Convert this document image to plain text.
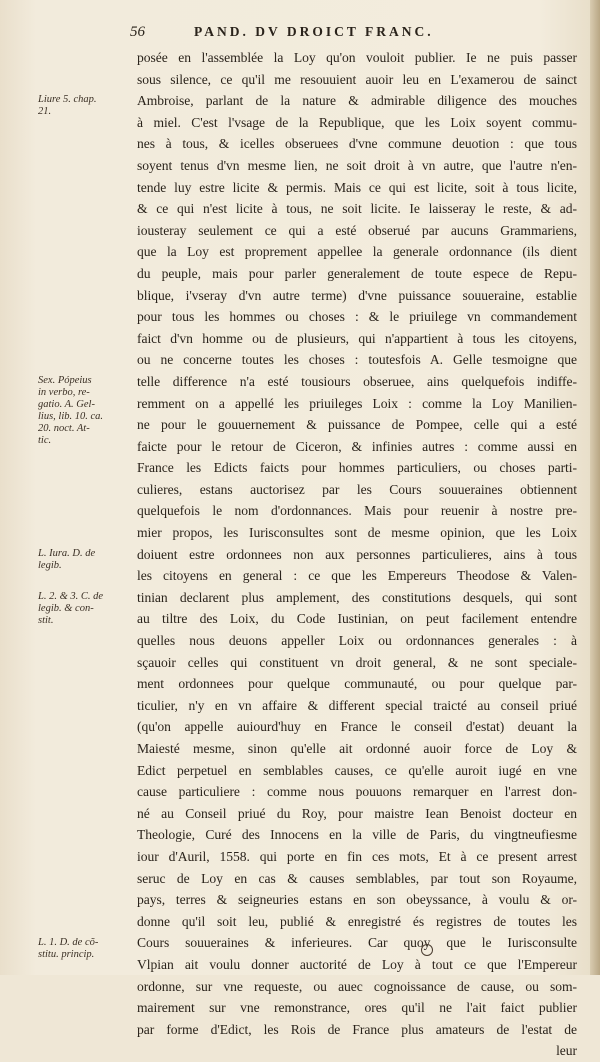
56	PAND. DV DROICT FRANC.
Liure 5. chap.
21.
Sex. Pópeius
in verbo, re-
gatio. A. Gel-
lius, lib. 10. ca.
20. noct. At-
tic.
L. Iura. D. de
legib.
L. 2. & 3. C. de
legib. & con-
stit.
L. 1. D. de cõ-
stitu. princip.
posée en l'assemblée la Loy qu'on vouloit publier. Ie ne puis passer
sous silence, ce qu'il me resouuient auoir leu en L'examerou de sainct
Ambroise, parlant de la nature & admirable diligence des mouches
à miel. C'est l'vsage de la Republique, que les Loix soyent commu-
nes à tous, & icelles obseruees d'vne commune deuotion : que tous
soyent tenus d'vn mesme lien, ne soit droit à vn autre, que l'autre n'en-
tende luy estre licite & permis. Mais ce qui est licite, soit à tous licite,
& ce qui n'est licite à tous, ne soit licite. Ie laisseray le reste, & ad-
iousteray seulement ce qui a esté obserué par aucuns Grammariens,
que la Loy est proprement appellee la generale ordonnance (ils dient
du peuple, mais pour parler generalement de toute espece de Repu-
blique, i'vseray d'vn autre terme) d'vne puissance souueraine, establie
pour tous les hommes ou choses : & le priuilege vn commandement
faict d'vn homme ou de plusieurs, qui n'appartient à tous les citoyens,
ou ne concerne toutes les choses : toutesfois A. Gelle tesmoigne que
telle difference n'a esté tousiours obseruee, ains quelquefois indiffe-
remment on a appellé les priuileges Loix : comme la Loy Manilien-
ne pour le gouuernement & puissance de Pompee, celle qui a esté
faicte pour le retour de Ciceron, & infinies autres : comme aussi en
France les Edicts faicts pour hommes particuliers, ou choses parti-
culieres, estans auctorisez par les Cours souueraines obtiennent
quelquefois le nom d'ordonnances. Mais pour reuenir à nostre pre-
mier propos, les Iurisconsultes sont de mesme opinion, que les Loix
doiuent estre ordonnees non aux personnes particulieres, ains à tous
les citoyens en general : ce que les Empereurs Theodose & Valen-
tinian declarent plus amplement, des constitutions desquels, qui sont
au tiltre des Loix, du Code Iustinian, on peut facilement entendre
quelles nous deuons appeller Loix ou ordonnances generales : à
sçauoir celles qui constituent vn droit general, & ne sont speciale-
ment ordonnees pour quelque communauté, ou pour quelque par-
ticulier, n'y en vn affaire & different special traicté au conseil priué
(qu'on appelle auiourd'huy en France le conseil d'estat) deuant la
Maiesté mesme, sinon qu'elle ait ordonné auoir force de Loy &
Edict perpetuel en semblables causes, ce qu'elle auroit iugé en vne
cause particuliere : comme nous pouuons remarquer en l'arrest don-
né au Conseil priué du Roy, pour maistre Iean Benoist docteur en
Theologie, Curé des Innocens en la ville de Paris, du vingtneufiesme
iour d'Auril, 1558. qui porte en fin ces mots, Et à ce present arrest
seruc de Loy en cas & causes semblables, par tout son Royaume,
pays, terres & seigneuries estans en son obeyssance, à voulu & or-
donne qu'il soit leu, publié & enregistré és registres de toutes les
Cours souueraines & inferieures. Car quoy que le Iurisconsulte
Vlpian ait voulu donner auctorité de Loy à tout ce que l'Empereur
ordonne, sur vne requeste, ou auec cognoissance de cause, ou som-
mairement sur vne remonstrance, ores qu'il ne l'ait faict publier
par forme d'Edict, les Rois de France plus amateurs de l'estat de
leur
